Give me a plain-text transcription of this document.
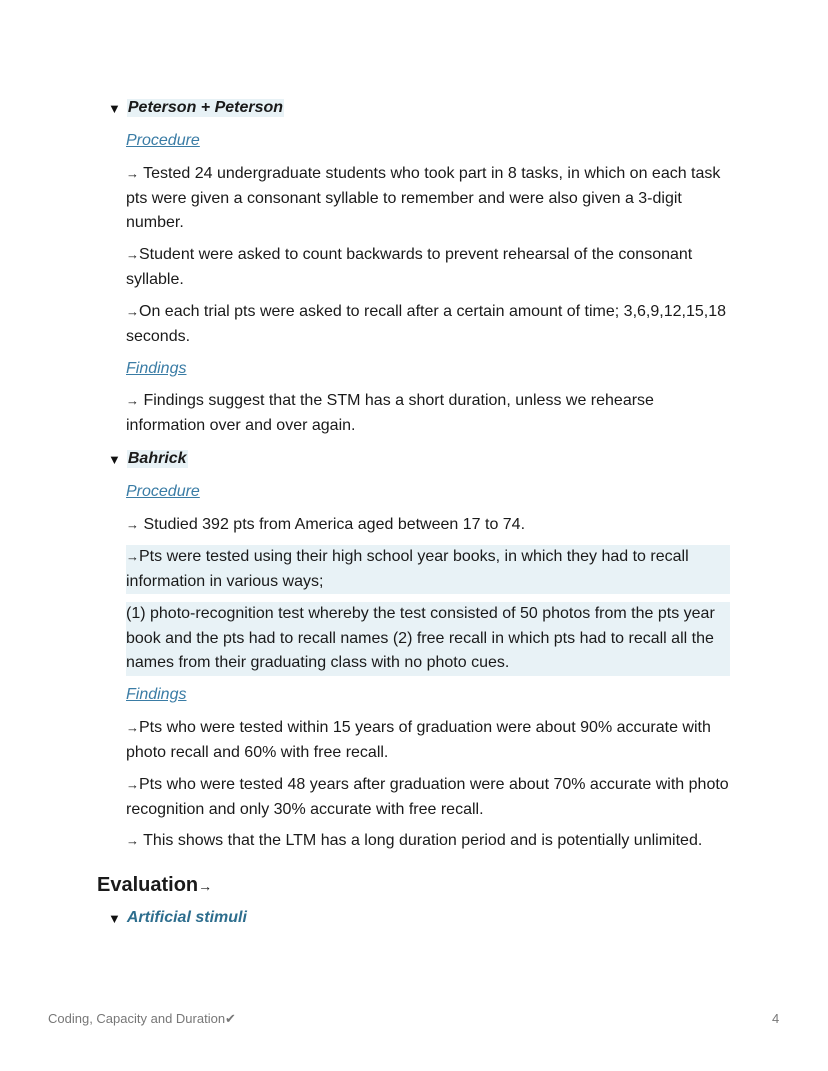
▼ Peterson + Peterson
Procedure
→ Tested 24 undergraduate students who took part in 8 tasks, in which on each task pts were given a consonant syllable to remember and were also given a 3-digit number.
→Student were asked to count backwards to prevent rehearsal of the consonant syllable.
→On each trial pts were asked to recall after a certain amount of time; 3,6,9,12,15,18 seconds.
Findings
→ Findings suggest that the STM has a short duration, unless we rehearse information over and over again.
▼ Bahrick
Procedure
→ Studied 392 pts from America aged between 17 to 74.
→Pts were tested using their high school year books, in which they had to recall information in various ways;
(1) photo-recognition test whereby the test consisted of 50 photos from the pts year book and the pts had to recall names (2) free recall in which pts had to recall all the names from their graduating class with no photo cues.
Findings
→Pts who were tested within 15 years of graduation were about 90% accurate with photo recall and 60% with free recall.
→Pts who were tested 48 years after graduation were about 70% accurate with photo recognition and only 30% accurate with free recall.
→ This shows that the LTM has a long duration period and is potentially unlimited.
Evaluation→
▼ Artificial stimuli
Coding, Capacity and Duration✔	4
